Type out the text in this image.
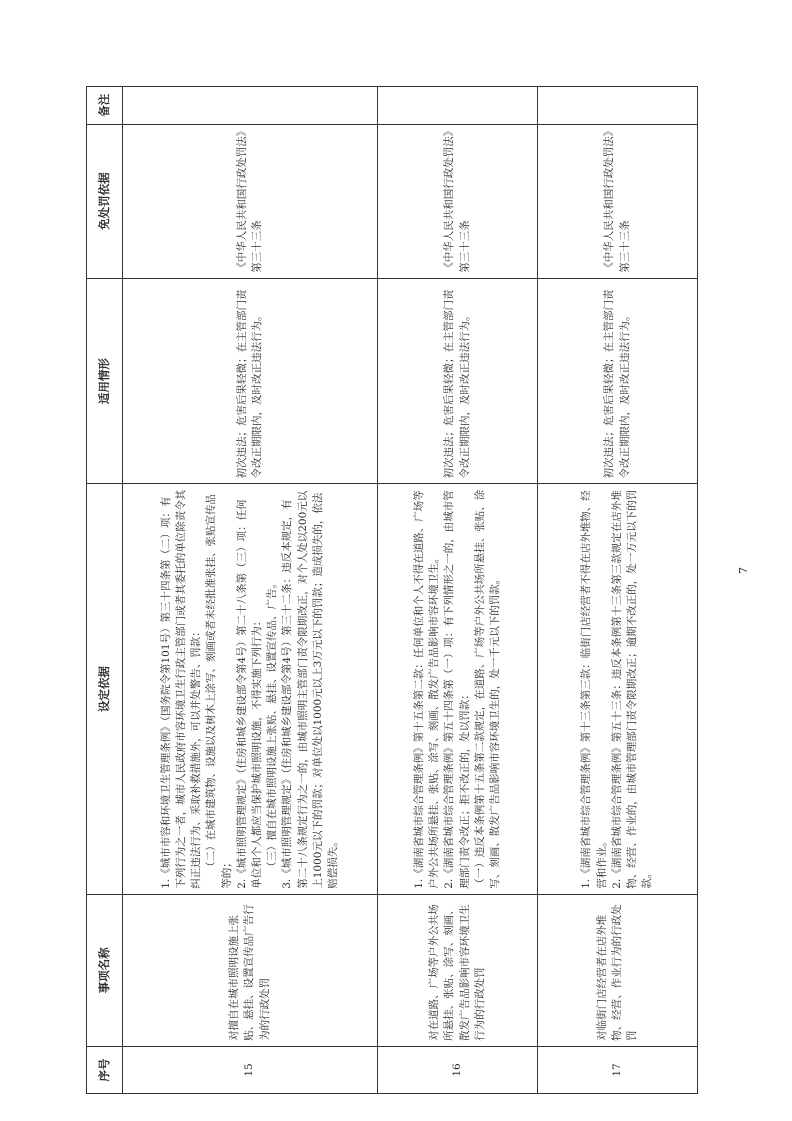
序号	事项名称	设定依据	适用情形	免处罚依据	备注
15	对擅自在城市照明设施上张贴、悬挂、设置宣传品广告行为的行政处罚	1.《城市市容和环境卫生管理条例》（国务院令第101号）第三十四条第（二）项：有下列行为之一者，城市人民政府市容环境卫生行政主管部门或者其委托的单位除责令其纠正违法行为、采取补救措施外，可以并处警告、罚款： （二）在城市建筑物、设施以及树木上涂写、刻画或者未经批准张挂、张贴宣传品等的； 2.《城市照明管理规定》（住房和城乡建设部令第4号）第二十八条第（三）项：任何单位和个人都应当保护城市照明设施，不得实施下列行为： （三）擅自在城市照明设施上张贴、悬挂、设置宣传品、广告。 3.《城市照明管理规定》（住房和城乡建设部令第4号）第三十二条：违反本规定，有第二十八条规定行为之一的，由城市照明主管部门责令限期改正，对个人处以200元以上1000元以下的罚款；对单位处以1000元以上3万元以下的罚款；造成损失的，依法赔偿损失。	初次违法；危害后果轻微；在主管部门责令改正期限内，及时改正违法行为。	《中华人民共和国行政处罚法》第三十三条	
16	对在道路、广场等户外公共场所悬挂、张贴、涂写、刻画、散发广告品影响市容环境卫生行为的行政处罚	1.《湖南省城市综合管理条例》第十五条第二款：任何单位和个人不得在道路、广场等户外公共场所悬挂、张贴、涂写、刻画、散发广告品影响市容环境卫生。 2.《湖南省城市综合管理条例》第五十四条第（一）项：有下列情形之一的，由城市管理部门责令改正；拒不改正的，处以罚款： （一）违反本条例第十五条第二款规定，在道路、广场等户外公共场所悬挂、张贴、涂写、刻画、散发广告品影响市容环境卫生的，处一千元以下的罚款。	初次违法；危害后果轻微；在主管部门责令改正期限内，及时改正违法行为。	《中华人民共和国行政处罚法》第三十三条	
17	对临街门店经营者在店外堆物、经营、作业行为的行政处罚	1.《湖南省城市综合管理条例》第十三条第三款：临街门店经营者不得在店外堆物、经营和作业。 2.《湖南省城市综合管理条例》第五十三条：违反本条例第十三条第三款规定在店外堆物、经营、作业的，由城市管理部门责令限期改正；逾期不改正的，处一万元以下的罚款。	初次违法；危害后果轻微；在主管部门责令改正期限内，及时改正违法行为。	《中华人民共和国行政处罚法》第三十三条	
7
